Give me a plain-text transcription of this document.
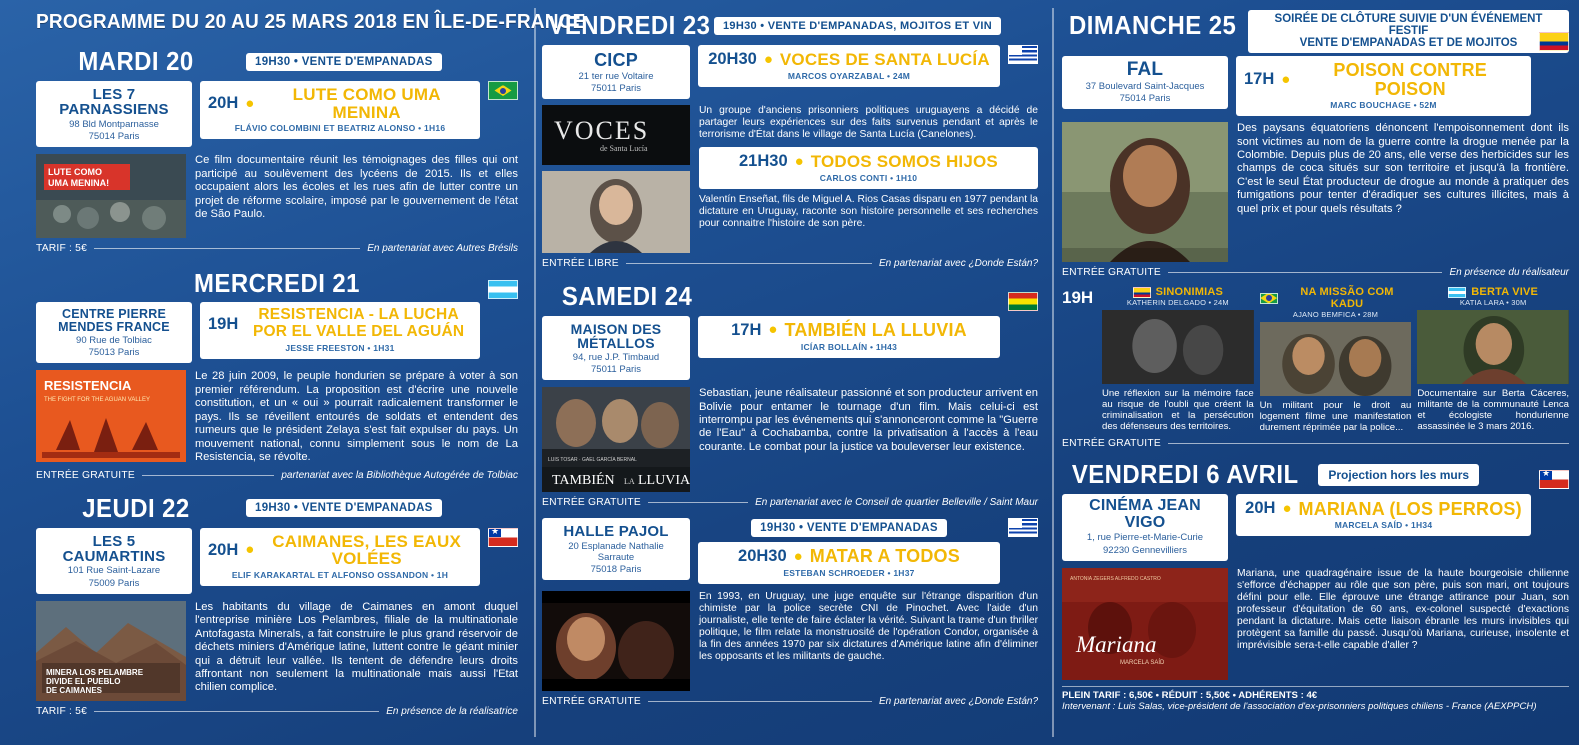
PROGRAMME DU 20 AU 25 MARS 2018 EN ÎLE-DE-FRANCE
MARDI 20	19H30 • VENTE D'EMPANADAS
LES 7 PARNASSIENS
98 Bld Montparnasse
75014 Paris
20H ●	LUTE COMO UMA MENINA
FLÁVIO COLOMBINI ET BEATRIZ ALONSO • 1H16
LUTE COMO
UMA MENINA!
Ce film documentaire réunit les témoignages des filles qui ont participé au soulèvement des lycéens de 2015. Ils et elles occupaient alors les écoles et les rues afin de lutter contre un projet de réforme scolaire, imposé par le gouvernement de l'état de São Paulo.
TARIF : 5€	En partenariat avec Autres Brésils
MERCREDI 21
CENTRE PIERRE MENDES FRANCE
90 Rue de Tolbiac
75013 Paris
19H	RESISTENCIA - LA LUCHA POR EL VALLE DEL AGUÁN
JESSE FREESTON • 1H31
RESISTENCIA
THE FIGHT FOR THE AGUAN VALLEY
Le 28 juin 2009, le peuple hondurien se prépare à voter à son premier référendum. La proposition est d'écrire une nouvelle constitution, et un « oui » pourrait radicalement transformer le pays. Ils se réveillent entourés de soldats et entendent des rumeurs que le président Zelaya s'est fait expulser du pays. Un mouvement national, connu simplement sous le nom de La Resistencia, se révolte.
ENTRÉE GRATUITE	partenariat avec la Bibliothèque Autogérée de Tolbiac
JEUDI 22	19H30 • VENTE D'EMPANADAS
LES 5 CAUMARTINS
101 Rue Saint-Lazare
75009 Paris
20H ●	CAIMANES, LES EAUX VOLÉES
ELIF KARAKARTAL ET ALFONSO OSSANDON • 1H
★
MINERA LOS PELAMBRE
DIVIDE EL PUEBLO
DE CAIMANES
Les habitants du village de Caimanes en amont duquel l'entreprise minière Los Pelambres, filiale de la multinationale Antofagasta Minerals, a fait construire le plus grand réservoir de déchets miniers d'Amérique latine, luttent contre le géant minier qui a détruit leur vallée. Ils tentent de défendre leurs droits affrontant non seulement la multinationale mais aussi l'Etat chilien complice.
TARIF : 5€	En présence de la réalisatrice
VENDREDI 23	19H30 • VENTE D'EMPANADAS, MOJITOS ET VIN
CICP
21 ter rue Voltaire
75011 Paris
20H30 ● VOCES DE SANTA LUCÍA
MARCOS OYARZABAL • 24M
VOCES
de Santa Lucía
Un groupe d'anciens prisonniers politiques uruguayens a décidé de partager leurs expériences sur des faits survenus pendant et après le terrorisme d'État dans le village de Santa Lucía (Canelones).
21H30 ● TODOS SOMOS HIJOS
CARLOS CONTI • 1H10
Valentín Enseñat, fils de Miguel A. Rios Casas disparu en 1977 pendant la dictature en Uruguay, raconte son histoire personnelle et ses recherches pour connaitre l'histoire de son père.
ENTRÉE LIBRE	En partenariat avec ¿Donde Están?
SAMEDI 24
MAISON DES MÉTALLOS
94, rue J.P. Timbaud
75011 Paris
17H ● TAMBIÉN LA LLUVIA
ICÍAR BOLLAÍN • 1H43
LUIS TOSAR · GAEL GARCÍA BERNAL
TAMBIÉN LA LLUVIA
Sebastian, jeune réalisateur passionné et son producteur arrivent en Bolivie pour entamer le tournage d'un film. Mais celui-ci est interrompu par les événements qui s'annonceront comme la "Guerre de l'Eau" à Cochabamba, contre la privatisation à l'accès à l'eau courante. Le combat pour la justice va bouleverser leur existence.
ENTRÉE GRATUITE	En partenariat avec le Conseil de quartier Belleville / Saint Maur
HALLE PAJOL
20 Esplanade Nathalie Sarraute
75018 Paris
19H30 • VENTE D'EMPANADAS
20H30 ● MATAR A TODOS
ESTEBAN SCHROEDER • 1H37
En 1993, en Uruguay, une juge enquête sur l'étrange disparition d'un chimiste par la police secrète CNI de Pinochet. Avec l'aide d'un journaliste, elle tente de faire éclater la vérité. Suivant la trame d'un thriller politique, le film relate la monstruosité de l'opération Condor, organisée à la fin des années 1970 par six dictatures d'Amérique latine afin d'éliminer les opposants et les militants de gauche.
ENTRÉE GRATUITE	En partenariat avec ¿Donde Están?
DIMANCHE 25	SOIRÉE DE CLÔTURE SUIVIE D'UN ÉVÉNEMENT FESTIF
VENTE D'EMPANADAS ET DE MOJITOS
FAL
37 Boulevard Saint-Jacques
75014 Paris
17H ●	POISON CONTRE POISON
MARC BOUCHAGE • 52M
Des paysans équatoriens dénoncent l'empoisonnement dont ils sont victimes au nom de la guerre contre la drogue menée par la Colombie. Depuis plus de 20 ans, elle verse des herbicides sur les champs de coca situés sur son territoire et jusqu'à la frontière. C'est le seul État producteur de drogue au monde à pratiquer des fumigations pour tenter d'éradiquer ses cultures illicites, mais à quel prix et pour quels résultats ?
ENTRÉE GRATUITE	En présence du réalisateur
19H	SINONIMIAS
KATHERIN DELGADO • 24M
Une réflexion sur la mémoire face au risque de l'oubli que créent la criminalisation et la persécution des défenseurs des territoires.
NA MISSÃO COM KADU
AJANO BEMFICA • 28M
Un militant pour le droit au logement filme une manifestation durement réprimée par la police...
BERTA VIVE
KATIA LARA • 30M
Documentaire sur Berta Cáceres, militante de la communauté Lenca et écologiste hondurienne assassinée le 3 mars 2016.
ENTRÉE GRATUITE
VENDREDI 6 AVRIL	Projection hors les murs
CINÉMA JEAN VIGO
1, rue Pierre-et-Marie-Curie
92230 Gennevilliers
20H ● MARIANA (LOS PERROS)
MARCELA SAÍD • 1H34
★
ANTONIA ZEGERS ALFREDO CASTRO
Mariana
MARCELA SAÍD
Mariana, une quadragénaire issue de la haute bourgeoisie chilienne s'efforce d'échapper au rôle que son père, puis son mari, ont toujours défini pour elle. Elle éprouve une étrange attirance pour Juan, son professeur d'équitation de 60 ans, ex-colonel suspecté d'exactions pendant la dictature. Mais cette liaison ébranle les murs invisibles qui protègent sa famille du passé. Jusqu'où Mariana, curieuse, insolente et imprévisible sera-t-elle capable d'aller ?
PLEIN TARIF : 6,50€ • RÉDUIT : 5,50€ • ADHÉRENTS : 4€
Intervenant : Luis Salas, vice-président de l'association d'ex-prisonniers politiques chiliens - France (AEXPPCH)
